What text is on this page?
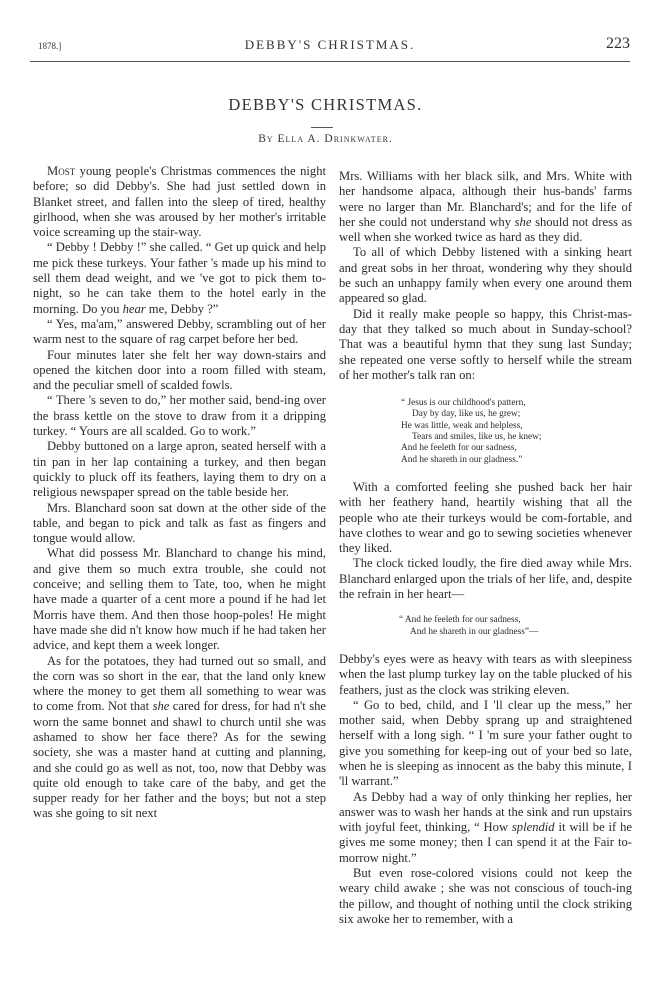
1878.]	DEBBY'S CHRISTMAS.	223
DEBBY'S CHRISTMAS.
By Ella A. Drinkwater.

Most young people's Christmas commences the night before; so did Debby's. She had just settled down in Blanket street, and fallen into the sleep of tired, healthy girlhood, when she was aroused by her mother's irritable voice screaming up the stair-way.

“ Debby ! Debby !” she called. “ Get up quick and help me pick these turkeys. Your father 's made up his mind to sell them dead weight, and we 've got to pick them to-night, so he can take them to the hotel early in the morning. Do you hear me, Debby ?”

“ Yes, ma'am,” answered Debby, scrambling out of her warm nest to the square of rag carpet before her bed.

Four minutes later she felt her way down-stairs and opened the kitchen door into a room filled with steam, and the peculiar smell of scalded fowls.

“ There 's seven to do,” her mother said, bend-ing over the brass kettle on the stove to draw from it a dripping turkey. “ Yours are all scalded. Go to work.”

Debby buttoned on a large apron, seated herself with a tin pan in her lap containing a turkey, and then began quickly to pluck off its feathers, laying them to dry on a religious newspaper spread on the table beside her.

Mrs. Blanchard soon sat down at the other side of the table, and began to pick and talk as fast as fingers and tongue would allow.

What did possess Mr. Blanchard to change his mind, and give them so much extra trouble, she could not conceive; and selling them to Tate, too, when he might have made a quarter of a cent more a pound if he had let Morris have them. And then those hoop-poles! He might have made she did n't know how much if he had taken her advice, and kept them a week longer.

As for the potatoes, they had turned out so small, and the corn was so short in the ear, that the land only knew where the money to get them all something to wear was to come from. Not that she cared for dress, for had n't she worn the same bonnet and shawl to church until she was ashamed to show her face there? As for the sewing society, she was a master hand at cutting and planning, and she could go as well as not, too, now that Debby was quite old enough to take care of the baby, and get the supper ready for her father and the boys; but not a step was she going to sit next

Mrs. Williams with her black silk, and Mrs. White with her handsome alpaca, although their hus-bands' farms were no larger than Mr. Blanchard's; and for the life of her she could not understand why she should not dress as well when she worked twice as hard as they did.

To all of which Debby listened with a sinking heart and great sobs in her throat, wondering why they should be such an unhappy family when every one around them appeared so glad.

Did it really make people so happy, this Christ-mas-day that they talked so much about in Sunday-school? That was a beautiful hymn that they sung last Sunday; she repeated one verse softly to herself while the stream of her mother's talk ran on:

“ Jesus is our childhood's pattern,
Day by day, like us, he grew;
He was little, weak and helpless,
Tears and smiles, like us, he knew;
And he feeleth for our sadness,
And he shareth in our gladness.”

With a comforted feeling she pushed back her hair with her feathery hand, heartily wishing that all the people who ate their turkeys would be com-fortable, and have clothes to wear and go to sewing societies whenever they liked.

The clock ticked loudly, the fire died away while Mrs. Blanchard enlarged upon the trials of her life, and, despite the refrain in her heart—

“ And he feeleth for our sadness,
And he shareth in our gladness”—

Debby's eyes were as heavy with tears as with sleepiness when the last plump turkey lay on the table plucked of his feathers, just as the clock was striking eleven.

“ Go to bed, child, and I 'll clear up the mess,” her mother said, when Debby sprang up and straightened herself with a long sigh. “ I 'm sure your father ought to give you something for keep-ing out of your bed so late, when he is sleeping as innocent as the baby this minute, I 'll warrant.”

As Debby had a way of only thinking her replies, her answer was to wash her hands at the sink and run upstairs with joyful feet, thinking, “ How splendid it will be if he gives me some money; then I can spend it at the Fair to-morrow night.”

But even rose-colored visions could not keep the weary child awake ; she was not conscious of touch-ing the pillow, and thought of nothing until the clock striking six awoke her to remember, with a
